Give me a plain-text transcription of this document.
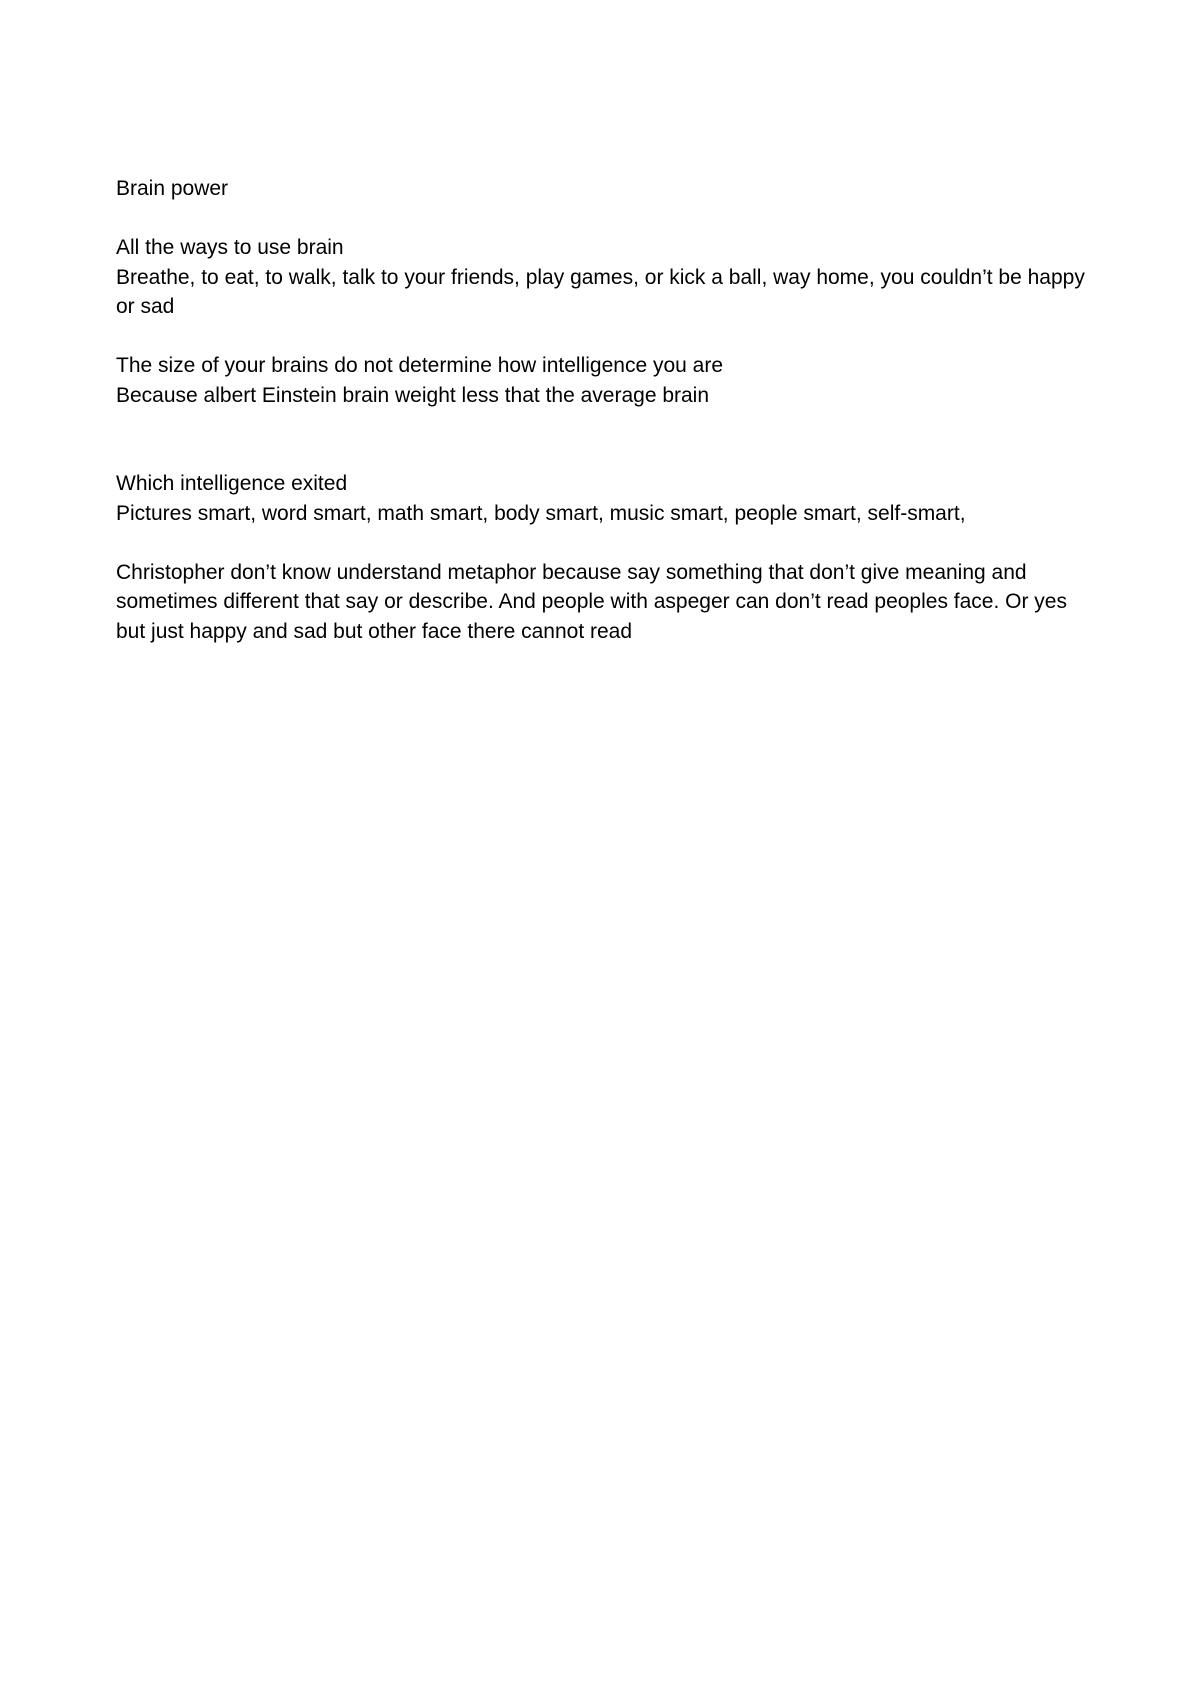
Brain power
All the ways to use brain
Breathe, to eat, to walk, talk to your friends, play games, or kick a ball, way home, you couldn’t be happy or sad
The size of your brains do not determine how intelligence you are
Because albert Einstein brain weight less that the average brain
Which intelligence exited
Pictures smart, word smart, math smart, body smart, music smart, people smart, self-smart,
Christopher don’t know understand metaphor because say something that don’t give meaning and sometimes different that say or describe. And people with aspeger can don’t read peoples face. Or yes but just happy and sad but other face there cannot read
